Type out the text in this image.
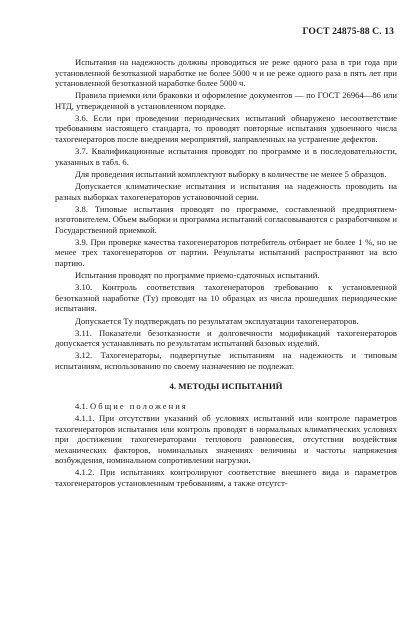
ГОСТ 24875-88 С. 13

Испытания на надежность должны проводиться не реже одного раза в три года при установленной безотказной наработке не более 5000 ч и не реже одного раза в пять лет при установленной безотказной наработке более 5000 ч.

Правила приемки или браковки и оформление документов — по ГОСТ 26964—86 или НТД, утвержденной в установленном порядке.

3.6. Если при проведении периодических испытаний обнаружено несоответствие требованиям настоящего стандарта, то проводят повторные испытания удвоенного числа тахогенераторов после внедрения мероприятий, направленных на устранение дефектов.

3.7. Квалификационные испытания проводят по программе и в последовательности, указанных в табл. 6.

Для проведения испытаний комплектуют выборку в количестве не менее 5 образцов.

Допускается климатические испытания и испытания на надежность проводить на разных выборках тахогенераторов установочной серии.

3.8. Типовые испытания проводят по программе, составленной предприятием-изготовителем. Объем выборки и программа испытаний согласовываются с разработчиком и Государственной приемкой.

3.9. При проверке качества тахогенераторов потребитель отбирает не более 1 %, но не менее трех тахогенераторов от партии. Результаты испытаний распространяют на всю партию.

Испытания проводят по программе приемо-сдаточных испытаний.

3.10. Контроль соответствия тахогенераторов требованию к установленной безотказной наработке (Tу) проводят на 10 образцах из числа прошедших периодические испытания.

Допускается Tу подтверждать по результатам эксплуатации тахогенераторов.

3.11. Показатели безотказности и долговечности модификаций тахогенераторов допускается устанавливать по результатам испытаний базовых изделий.

3.12. Тахогенераторы, подвергнутые испытаниям на надежность и типовым испытаниям, использованию по своему назначению не подлежат.

4. МЕТОДЫ ИСПЫТАНИЙ

4.1. Общие положения

4.1.1. При отсутствии указаний об условиях испытаний или контроле параметров тахогенераторов испытания или контроль проводят в нормальных климатических условиях при достижении тахогенераторами теплового равновесия, отсутствии воздействия механических факторов, номинальных значениях величины и частоты напряжения возбуждения, номинальном сопротивлении нагрузки.

4.1.2. При испытаниях контролируют соответствие внешнего вида и параметров тахогенераторов установленным требованиям, а также отсутст-
